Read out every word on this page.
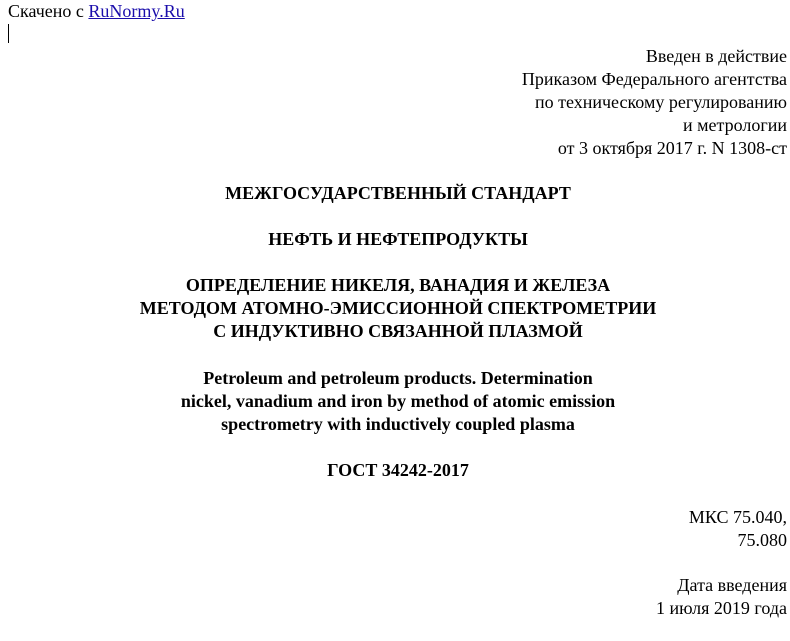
Скачено с RuNormy.Ru
Введен в действие
Приказом Федерального агентства
по техническому регулированию
и метрологии
от 3 октября 2017 г. N 1308-ст
МЕЖГОСУДАРСТВЕННЫЙ СТАНДАРТ
НЕФТЬ И НЕФТЕПРОДУКТЫ
ОПРЕДЕЛЕНИЕ НИКЕЛЯ, ВАНАДИЯ И ЖЕЛЕЗА
МЕТОДОМ АТОМНО-ЭМИССИОННОЙ СПЕКТРОМЕТРИИ
С ИНДУКТИВНО СВЯЗАННОЙ ПЛАЗМОЙ
Petroleum and petroleum products. Determination
nickel, vanadium and iron by method of atomic emission
spectrometry with inductively coupled plasma
ГОСТ 34242-2017
МКС 75.040,
75.080
Дата введения
1 июля 2019 года
